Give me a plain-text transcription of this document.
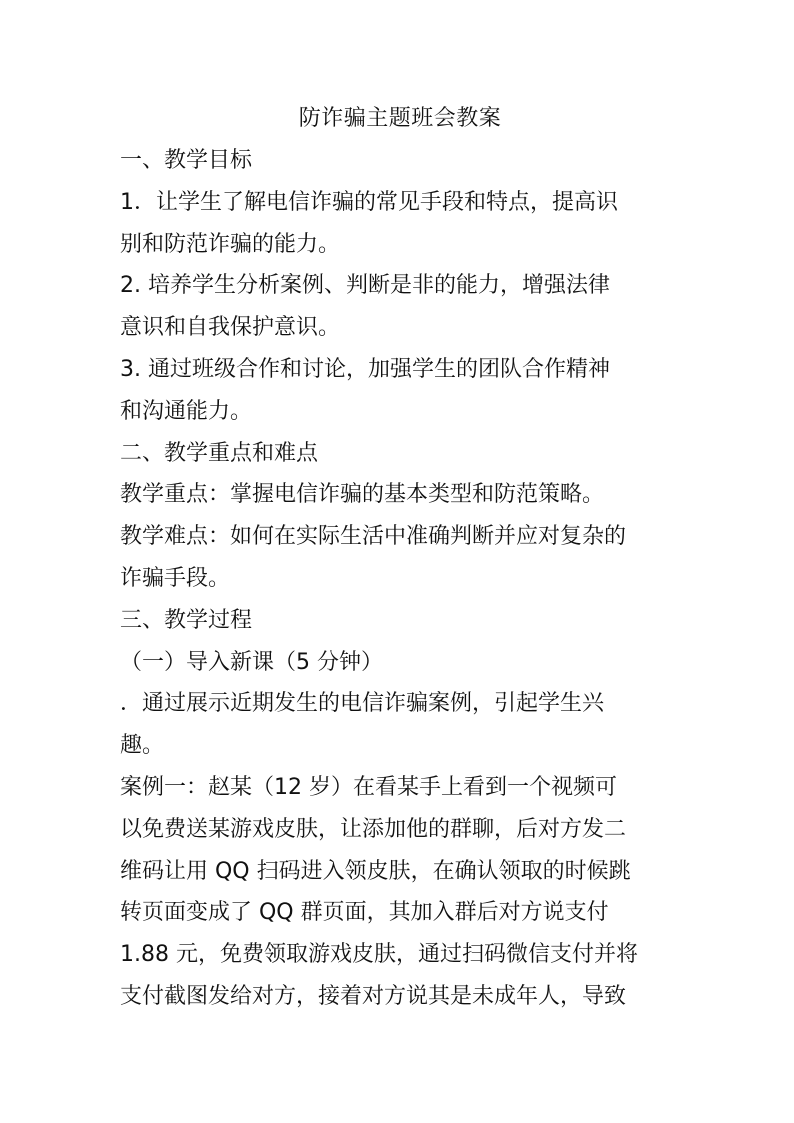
防诈骗主题班会教案
一、教学目标
1．让学生了解电信诈骗的常见手段和特点，提高识
别和防范诈骗的能力。
2. 培养学生分析案例、判断是非的能力，增强法律
意识和自我保护意识。
3. 通过班级合作和讨论，加强学生的团队合作精神
和沟通能力。
二、教学重点和难点
教学重点：掌握电信诈骗的基本类型和防范策略。
教学难点：如何在实际生活中准确判断并应对复杂的
诈骗手段。
三、教学过程
（一）导入新课（5 分钟）
．通过展示近期发生的电信诈骗案例，引起学生兴
趣。
案例一：赵某（12 岁）在看某手上看到一个视频可
以免费送某游戏皮肤，让添加他的群聊，后对方发二
维码让用 QQ 扫码进入领皮肤，在确认领取的时候跳
转页面变成了 QQ 群页面，其加入群后对方说支付
1.88 元，免费领取游戏皮肤，通过扫码微信支付并将
支付截图发给对方，接着对方说其是未成年人，导致
